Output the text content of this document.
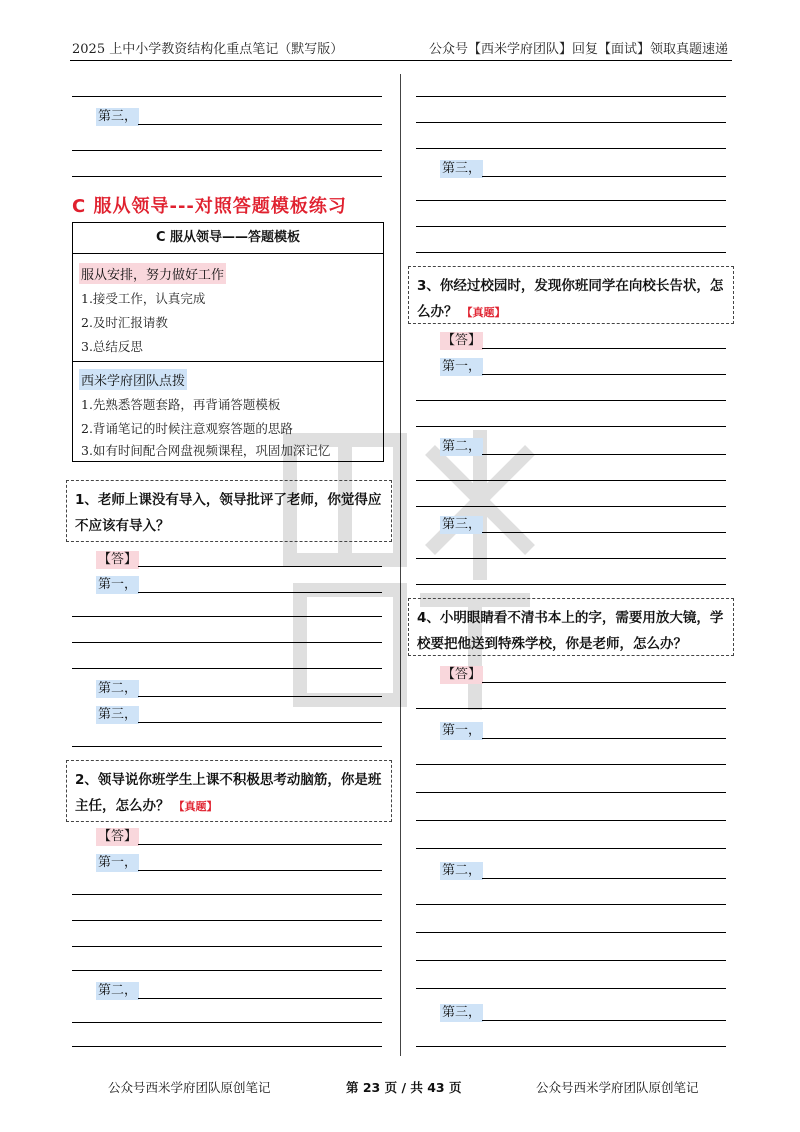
2025 上中小学教资结构化重点笔记（默写版）	公众号【西米学府团队】回复【面试】领取真题速递
第三，
C 服从领导---对照答题模板练习
C 服从领导——答题模板
服从安排，努力做好工作
1.接受工作，认真完成
2.及时汇报请教
3.总结反思
西米学府团队点拨
1.先熟悉答题套路，再背诵答题模板
2.背诵笔记的时候注意观察答题的思路
3.如有时间配合网盘视频课程，巩固加深记忆
1、老师上课没有导入，领导批评了老师，你觉得应不应该有导入？
【答】
第一，
第二，
第三，
2、领导说你班学生上课不积极思考动脑筋，你是班主任，怎么办？ 【真题】
【答】
第一，
第二，
第三，
3、你经过校园时，发现你班同学在向校长告状，怎么办？ 【真题】
【答】
第一，
第二，
第三，
4、小明眼睛看不清书本上的字，需要用放大镜，学校要把他送到特殊学校，你是老师，怎么办？
【答】
第一，
第二，
第三，
公众号西米学府团队原创笔记	第 23 页 / 共 43 页	公众号西米学府团队原创笔记
